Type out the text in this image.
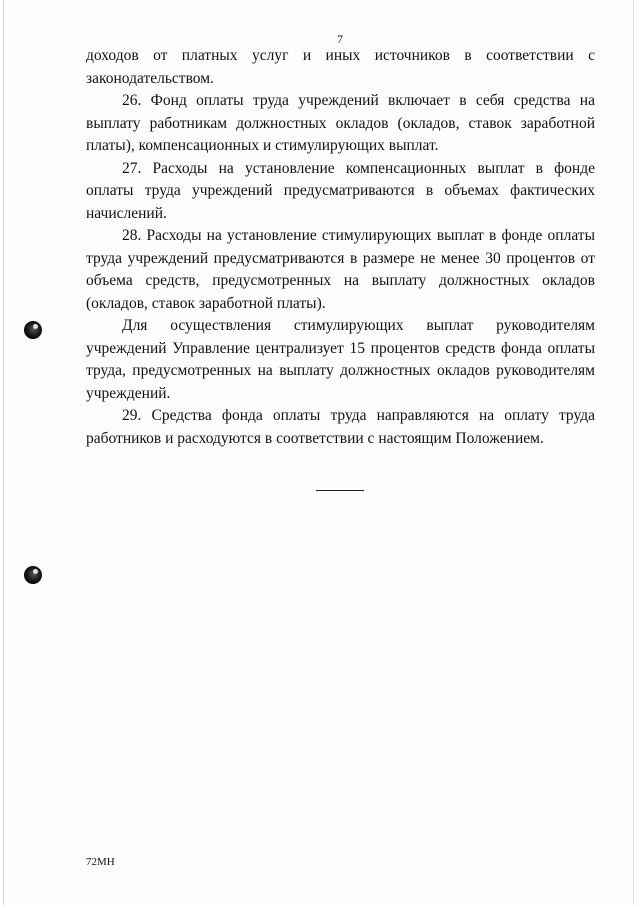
7

доходов от платных услуг и иных источников в соответствии с законодательством.

26. Фонд оплаты труда учреждений включает в себя средства на выплату работникам должностных окладов (окладов, ставок заработной платы), компенсационных и стимулирующих выплат.

27. Расходы на установление компенсационных выплат в фонде оплаты труда учреждений предусматриваются в объемах фактических начислений.

28. Расходы на установление стимулирующих выплат в фонде оплаты труда учреждений предусматриваются в размере не менее 30 процентов от объема средств, предусмотренных на выплату должностных окладов (окладов, ставок заработной платы).

Для осуществления стимулирующих выплат руководителям учреждений Управление централизует 15 процентов средств фонда оплаты труда, предусмотренных на выплату должностных окладов руководителям учреждений.

29. Средства фонда оплаты труда направляются на оплату труда работников и расходуются в соответствии с настоящим Положением.

72МН
